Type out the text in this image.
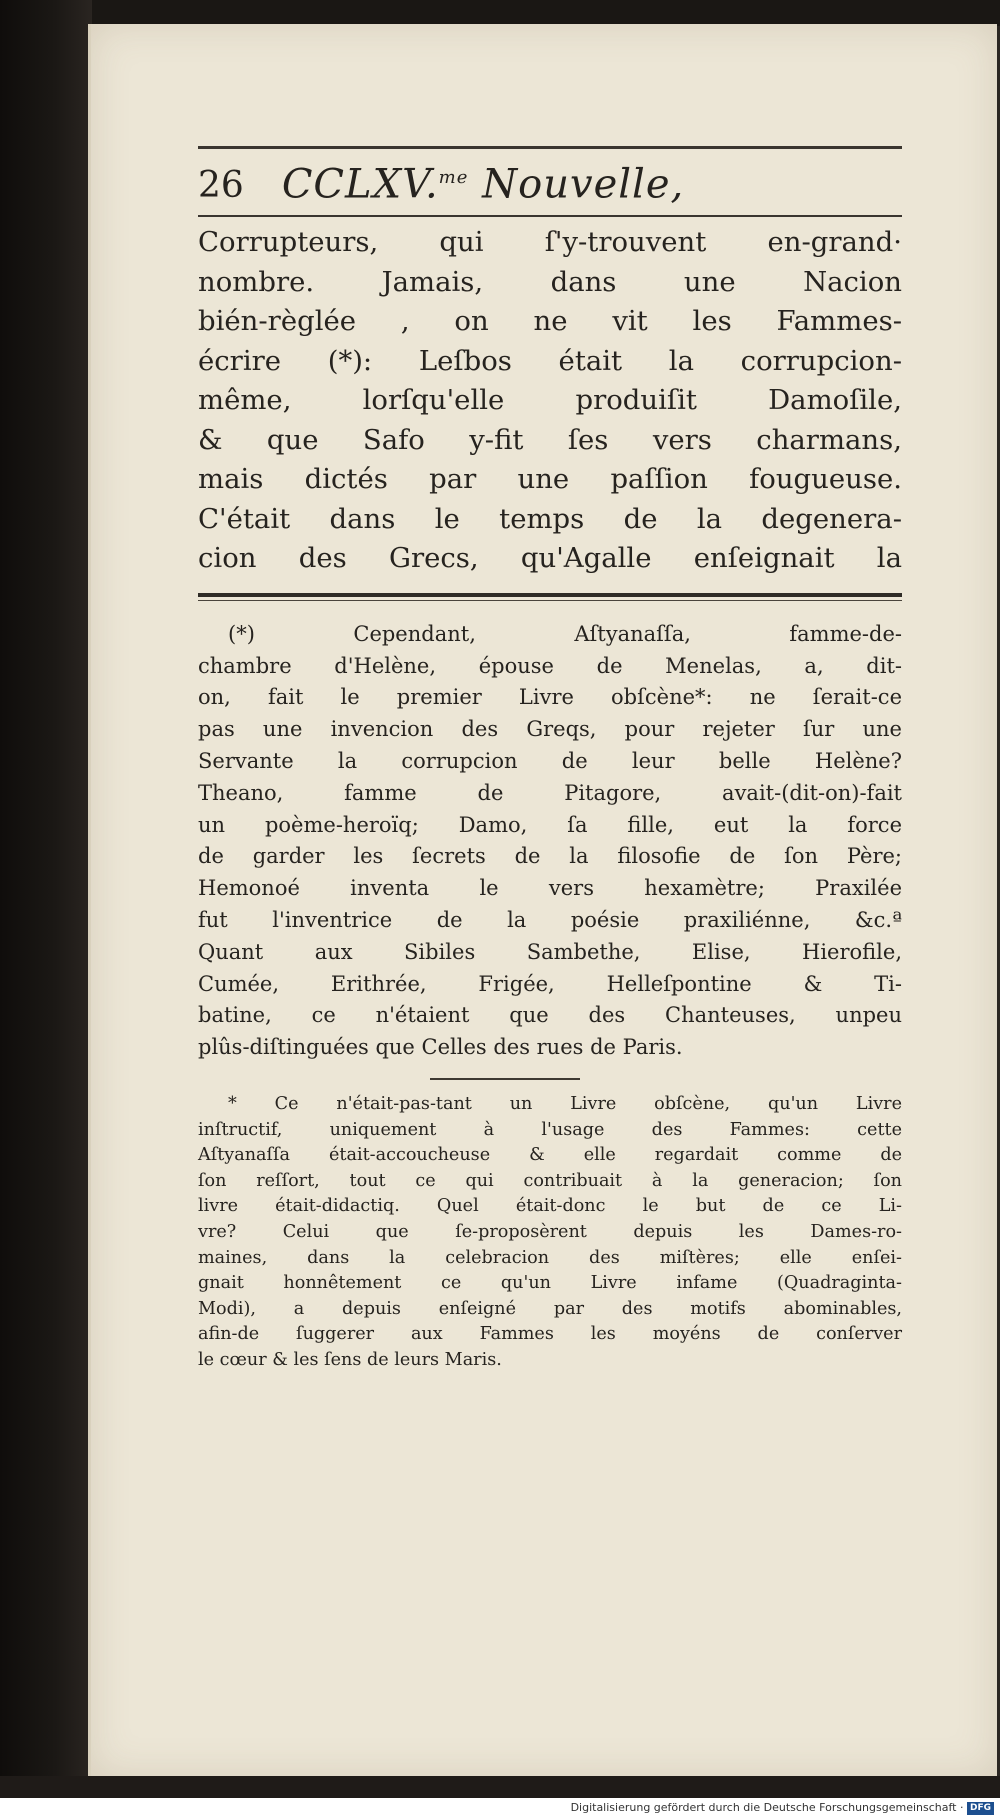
26 CCLXV.$^{me}$ Nouvelle,

Corrupteurs, qui ſ'y-trouvent en-grand·

nombre. Jamais, dans une Nacion

bién-règlée , on ne vit les Fammes-

écrire (*): Leſbos était la corrupcion-

même, lorſqu'elle produiſit Damoſile,

& que Safo y-fit ſes vers charmans,

mais dictés par une paſſion fougueuse.

C'était dans le temps de la degenera-

cion des Grecs, qu'Agalle enſeignait la

(*) Cependant, Aſtyanaſſa, famme-de-

chambre d'Helène, épouse de Menelas, a, dit-

on, fait le premier Livre obſcène*: ne ſerait-ce

pas une invencion des Greqs, pour rejeter ſur une

Servante la corrupcion de leur belle Helène?

Theano, famme de Pitagore, avait-(dit-on)-fait

un poème-heroïq; Damo, ſa fille, eut la force

de garder les ſecrets de la filosofie de ſon Père;

Hemonoé inventa le vers hexamètre; Praxilée

fut l'inventrice de la poésie praxiliénne, &c.ª

Quant aux Sibiles Sambethe, Elise, Hierofile,

Cumée, Erithrée, Frigée, Helleſpontine & Ti-

batine, ce n'étaient que des Chanteuses, unpeu

plûs-diſtinguées que Celles des rues de Paris.

* Ce n'était-pas-tant un Livre obſcène, qu'un Livre

inſtructif, uniquement à l'usage des Fammes: cette

Aſtyanaſſa était-accoucheuse & elle regardait comme de

ſon reſſort, tout ce qui contribuait à la generacion; ſon

livre était-didactiq. Quel était-donc le but de ce Li-

vre? Celui que ſe-proposèrent depuis les Dames-ro-

maines, dans la celebracion des miſtères; elle enſei-

gnait honnêtement ce qu'un Livre infame (Quadraginta-

Modi), a depuis enſeigné par des motifs abominables,

afin-de ſuggerer aux Fammes les moyéns de conſerver

le cœur & les ſens de leurs Maris.

Digitalisierung gefördert durch die Deutsche Forschungsgemeinschaft · DFG
